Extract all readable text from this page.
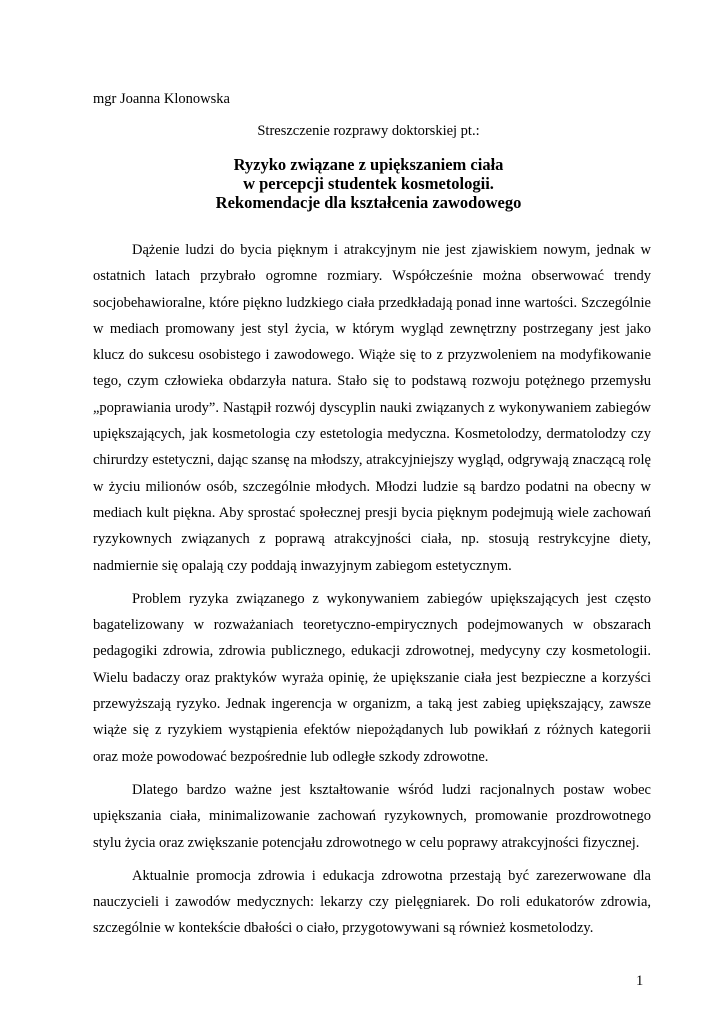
mgr Joanna Klonowska
Streszczenie rozprawy doktorskiej pt.:
Ryzyko związane z upiększaniem ciała
w percepcji studentek kosmetologii.
Rekomendacje dla kształcenia zawodowego

Dążenie ludzi do bycia pięknym i atrakcyjnym nie jest zjawiskiem nowym, jednak w ostatnich latach przybrało ogromne rozmiary. Współcześnie można obserwować trendy socjobehawioralne, które piękno ludzkiego ciała przedkładają ponad inne wartości. Szczególnie w mediach promowany jest styl życia, w którym wygląd zewnętrzny postrzegany jest jako klucz do sukcesu osobistego i zawodowego. Wiąże się to z przyzwoleniem na modyfikowanie tego, czym człowieka obdarzyła natura. Stało się to podstawą rozwoju potężnego przemysłu „poprawiania urody”. Nastąpił rozwój dyscyplin nauki związanych z wykonywaniem zabiegów upiększających, jak kosmetologia czy estetologia medyczna. Kosmetolodzy, dermatolodzy czy chirurdzy estetyczni, dając szansę na młodszy, atrakcyjniejszy wygląd, odgrywają znaczącą rolę w życiu milionów osób, szczególnie młodych. Młodzi ludzie są bardzo podatni na obecny w mediach kult piękna. Aby sprostać społecznej presji bycia pięknym podejmują wiele zachowań ryzykownych związanych z poprawą atrakcyjności ciała, np. stosują restrykcyjne diety, nadmiernie się opalają czy poddają inwazyjnym zabiegom estetycznym.

Problem ryzyka związanego z wykonywaniem zabiegów upiększających jest często bagatelizowany w rozważaniach teoretyczno-empirycznych podejmowanych w obszarach pedagogiki zdrowia, zdrowia publicznego, edukacji zdrowotnej, medycyny czy kosmetologii. Wielu badaczy oraz praktyków wyraża opinię, że upiększanie ciała jest bezpieczne a korzyści przewyższają ryzyko. Jednak ingerencja w organizm, a taką jest zabieg upiększający, zawsze wiąże się z ryzykiem wystąpienia efektów niepożądanych lub powikłań z różnych kategorii oraz może powodować bezpośrednie lub odległe szkody zdrowotne.

Dlatego bardzo ważne jest kształtowanie wśród ludzi racjonalnych postaw wobec upiększania ciała, minimalizowanie zachowań ryzykownych, promowanie prozdrowotnego stylu życia oraz zwiększanie potencjału zdrowotnego w celu poprawy atrakcyjności fizycznej.

Aktualnie promocja zdrowia i edukacja zdrowotna przestają być zarezerwowane dla nauczycieli i zawodów medycznych: lekarzy czy pielęgniarek. Do roli edukatorów zdrowia, szczególnie w kontekście dbałości o ciało, przygotowywani są również kosmetolodzy.

1
